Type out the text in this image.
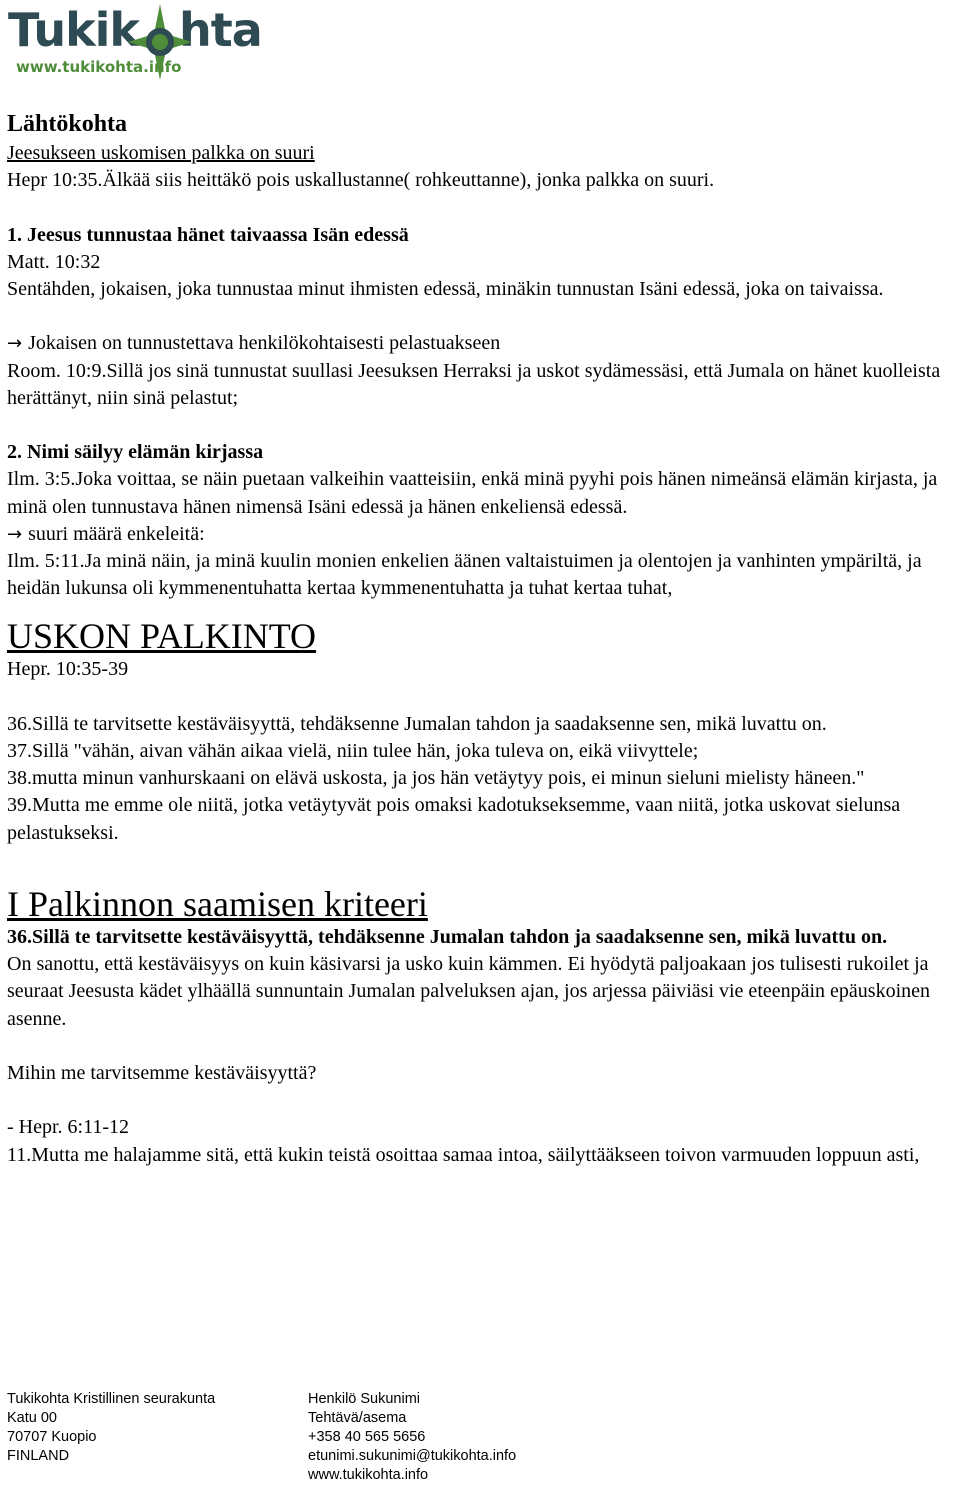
Tukik hta
www.tukikohta.info
Lähtökohta
Jeesukseen uskomisen palkka on suuri
Hepr 10:35.Älkää siis heittäkö pois uskallustanne( rohkeuttanne), jonka palkka on suuri.
1. Jeesus tunnustaa hänet taivaassa Isän edessä
Matt. 10:32
Sentähden, jokaisen, joka tunnustaa minut ihmisten edessä, minäkin tunnustan Isäni edessä, joka on taivaissa.
→ Jokaisen on tunnustettava henkilökohtaisesti pelastuakseen
Room. 10:9.Sillä jos sinä tunnustat suullasi Jeesuksen Herraksi ja uskot sydämessäsi, että Jumala on hänet kuolleista herättänyt, niin sinä pelastut;
2. Nimi säilyy elämän kirjassa
Ilm. 3:5.Joka voittaa, se näin puetaan valkeihin vaatteisiin, enkä minä pyyhi pois hänen nimeänsä elämän kirjasta, ja minä olen tunnustava hänen nimensä Isäni edessä ja hänen enkeliensä edessä.
→ suuri määrä enkeleitä:
Ilm. 5:11.Ja minä näin, ja minä kuulin monien enkelien äänen valtaistuimen ja olentojen ja vanhinten ympäriltä, ja heidän lukunsa oli kymmenentuhatta kertaa kymmenentuhatta ja tuhat kertaa tuhat,
USKON PALKINTO
Hepr. 10:35-39
36.Sillä te tarvitsette kestäväisyyttä, tehdäksenne Jumalan tahdon ja saadaksenne sen, mikä luvattu on.
37.Sillä "vähän, aivan vähän aikaa vielä, niin tulee hän, joka tuleva on, eikä viivyttele;
38.mutta minun vanhurskaani on elävä uskosta, ja jos hän vetäytyy pois, ei minun sieluni mielisty häneen."
39.Mutta me emme ole niitä, jotka vetäytyvät pois omaksi kadotukseksemme, vaan niitä, jotka uskovat sielunsa pelastukseksi.
I Palkinnon saamisen kriteeri
36.Sillä te tarvitsette kestäväisyyttä, tehdäksenne Jumalan tahdon ja saadaksenne sen, mikä luvattu on.
On sanottu, että kestäväisyys on kuin käsivarsi ja usko kuin kämmen. Ei hyödytä paljoakaan jos tulisesti rukoilet ja seuraat Jeesusta kädet ylhäällä sunnuntain Jumalan palveluksen ajan, jos arjessa päiviäsi vie eteenpäin epäuskoinen asenne.
Mihin me tarvitsemme kestäväisyyttä?
- Hepr. 6:11-12
11.Mutta me halajamme sitä, että kukin teistä osoittaa samaa intoa, säilyttääkseen toivon varmuuden loppuun asti,
Tukikohta Kristillinen seurakunta
Katu 00
70707 Kuopio
FINLAND
Henkilö Sukunimi
Tehtävä/asema
+358 40 565 5656
etunimi.sukunimi@tukikohta.info
www.tukikohta.info
